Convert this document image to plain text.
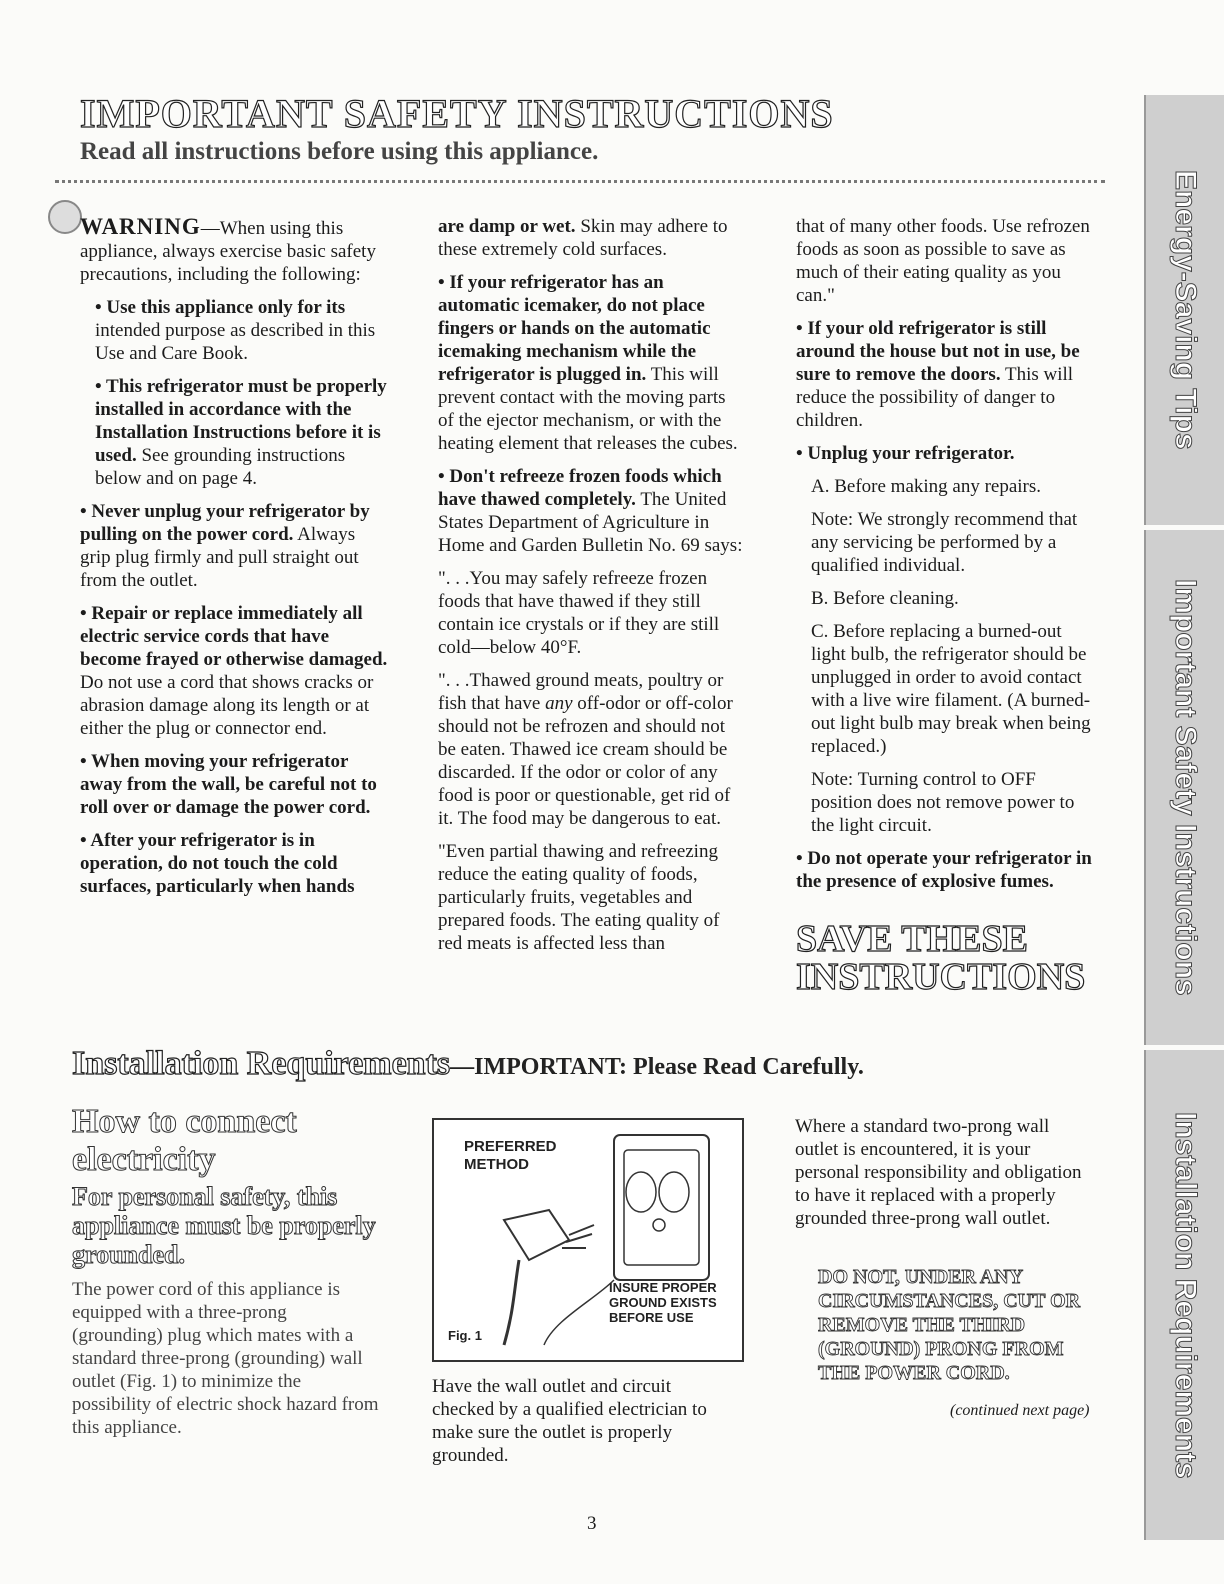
IMPORTANT SAFETY INSTRUCTIONS
Read all instructions before using this appliance.
Energy-Saving Tips
Important Safety Instructions
Installation Requirements

WARNING—When using this appliance, always exercise basic safety precautions, including the following:

• Use this appliance only for its intended purpose as described in this Use and Care Book.

• This refrigerator must be properly installed in accordance with the Installation Instructions before it is used. See grounding instructions below and on page 4.

• Never unplug your refrigerator by pulling on the power cord. Always grip plug firmly and pull straight out from the outlet.

• Repair or replace immediately all electric service cords that have become frayed or otherwise damaged. Do not use a cord that shows cracks or abrasion damage along its length or at either the plug or connector end.

• When moving your refrigerator away from the wall, be careful not to roll over or damage the power cord.

• After your refrigerator is in operation, do not touch the cold surfaces, particularly when hands

are damp or wet. Skin may adhere to these extremely cold surfaces.

• If your refrigerator has an automatic icemaker, do not place fingers or hands on the automatic icemaking mechanism while the refrigerator is plugged in. This will prevent contact with the moving parts of the ejector mechanism, or with the heating element that releases the cubes.

• Don't refreeze frozen foods which have thawed completely. The United States Department of Agriculture in Home and Garden Bulletin No. 69 says:

". . .You may safely refreeze frozen foods that have thawed if they still contain ice crystals or if they are still cold—below 40°F.

". . .Thawed ground meats, poultry or fish that have any off-odor or off-color should not be refrozen and should not be eaten. Thawed ice cream should be discarded. If the odor or color of any food is poor or questionable, get rid of it. The food may be dangerous to eat.

"Even partial thawing and refreezing reduce the eating quality of foods, particularly fruits, vegetables and prepared foods. The eating quality of red meats is affected less than

that of many other foods. Use refrozen foods as soon as possible to save as much of their eating quality as you can."

• If your old refrigerator is still around the house but not in use, be sure to remove the doors. This will reduce the possibility of danger to children.

• Unplug your refrigerator.

A. Before making any repairs.

Note: We strongly recommend that any servicing be performed by a qualified individual.

B. Before cleaning.

C. Before replacing a burned-out light bulb, the refrigerator should be unplugged in order to avoid contact with a live wire filament. (A burned-out light bulb may break when being replaced.)

Note: Turning control to OFF position does not remove power to the light circuit.

• Do not operate your refrigerator in the presence of explosive fumes.

SAVE THESE INSTRUCTIONS
Installation Requirements—IMPORTANT: Please Read Carefully.
How to connect electricity
For personal safety, this appliance must be properly grounded.
The power cord of this appliance is equipped with a three-prong (grounding) plug which mates with a standard three-prong (grounding) wall outlet (Fig. 1) to minimize the possibility of electric shock hazard from this appliance.
PREFERRED
METHOD
INSURE PROPER
GROUND EXISTS
BEFORE USE
Fig. 1
Have the wall outlet and circuit checked by a qualified electrician to make sure the outlet is properly grounded.
Where a standard two-prong wall outlet is encountered, it is your personal responsibility and obligation to have it replaced with a properly grounded three-prong wall outlet.
DO NOT, UNDER ANY CIRCUMSTANCES, CUT OR REMOVE THE THIRD (GROUND) PRONG FROM THE POWER CORD.
(continued next page)
3
